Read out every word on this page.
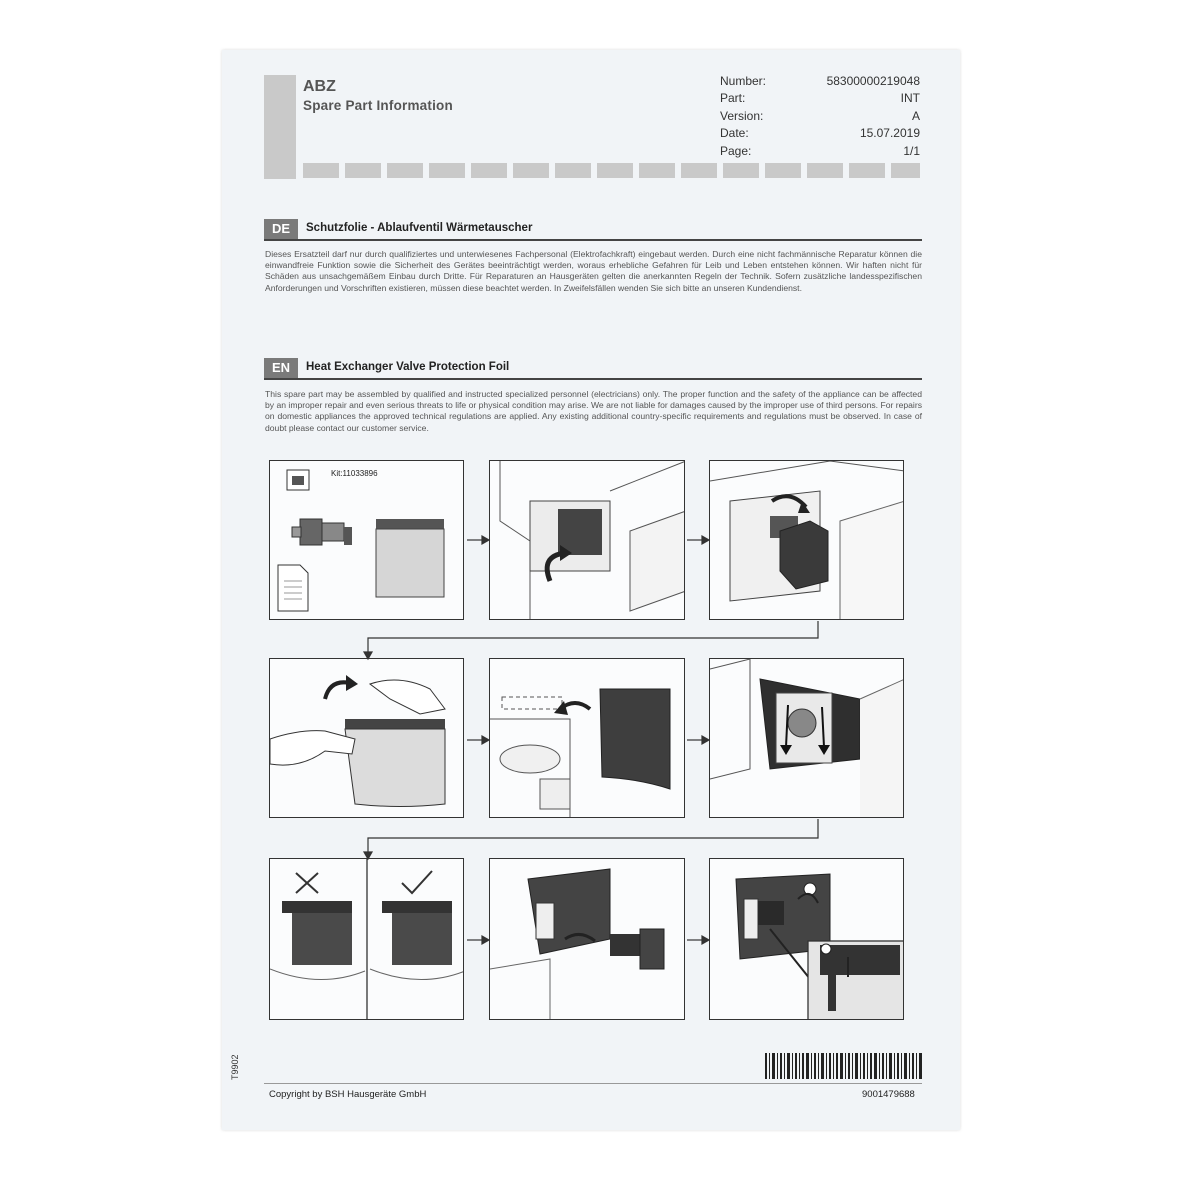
ABZ
Spare Part Information
Number:	58300000219048
Part:	INT
Version:	A
Date:	15.07.2019
Page:	1/1
DE	Schutzfolie - Ablaufventil Wärmetauscher
Dieses Ersatzteil darf nur durch qualifiziertes und unterwiesenes Fachpersonal (Elektrofachkraft) eingebaut werden. Durch eine nicht fachmännische Reparatur können die einwandfreie Funktion sowie die Sicherheit des Gerätes beeinträchtigt werden, woraus erhebliche Gefahren für Leib und Leben entstehen können. Wir haften nicht für Schäden aus unsachgemäßem Einbau durch Dritte. Für Reparaturen an Hausgeräten gelten die anerkannten Regeln der Technik. Sofern zusätzliche landesspezifischen Anforderungen und Vorschriften existieren, müssen diese beachtet werden. In Zweifelsfällen wenden Sie sich bitte an unseren Kundendienst.
EN	Heat Exchanger Valve Protection Foil
This spare part may be assembled by qualified and instructed specialized personnel (electricians) only. The proper function and the safety of the appliance can be affected by an improper repair and even serious threats to life or physical condition may arise. We are not liable for damages caused by the improper use of third persons. For repairs on domestic appliances the approved technical regulations are applied. Any existing additional country-specific requirements and regulations must be observed. In case of doubt please contact our customer service.
Kit:11033896
T9902
Copyright by BSH Hausgeräte GmbH	9001479688
